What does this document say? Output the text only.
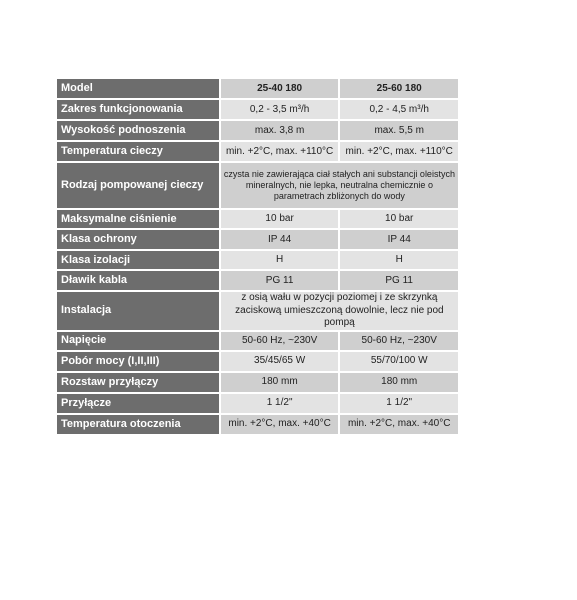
Model	25-40 180	25-60 180
Zakres funkcjonowania	0,2 - 3,5 m³/h	0,2 - 4,5 m³/h
Wysokość podnoszenia	max. 3,8 m	max. 5,5 m
Temperatura cieczy	min. +2°C, max. +110°C	min. +2°C, max. +110°C
Rodzaj pompowanej cieczy	czysta nie zawierająca ciał stałych ani substancji oleistych mineralnych, nie lepka, neutralna chemicznie o parametrach zbliżonych do wody	
Maksymalne ciśnienie	10 bar	10 bar
Klasa ochrony	IP 44	IP 44
Klasa izolacji	H	H
Dławik kabla	PG 11	PG 11
Instalacja	z osią wału w pozycji poziomej i ze skrzynką zaciskową umieszczoną dowolnie, lecz nie pod pompą	
Napięcie	50-60 Hz, ~230V	50-60 Hz, ~230V
Pobór mocy (I,II,III)	35/45/65 W	55/70/100 W
Rozstaw przyłączy	180 mm	180 mm
Przyłącze	1 1/2"	1 1/2"
Temperatura otoczenia	min. +2°C, max. +40°C	min. +2°C, max. +40°C
